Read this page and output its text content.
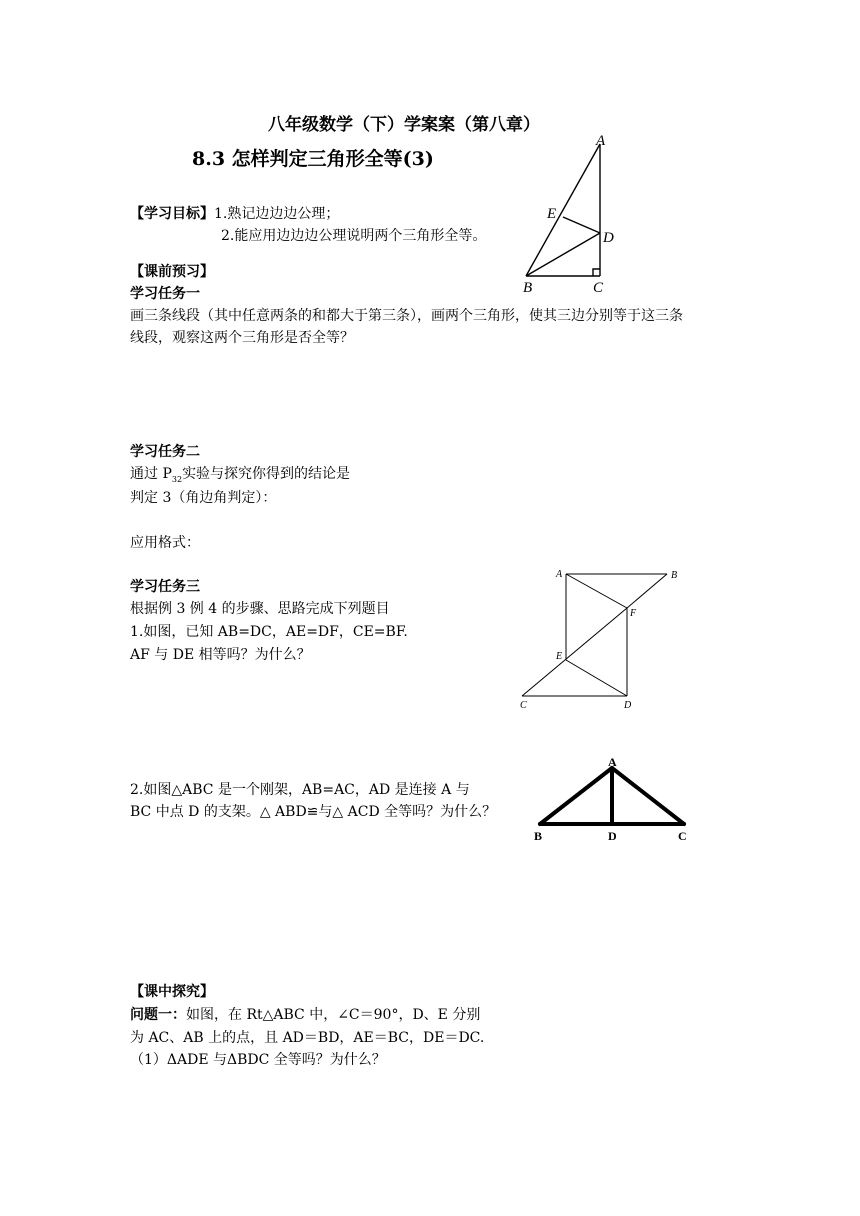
八年级数学（下）学案案（第八章）
8.3 怎样判定三角形全等(3)
A
E
D
B	C
【学习目标】1.熟记边边边公理；
2.能应用边边边公理说明两个三角形全等。
【课前预习】
学习任务一
画三条线段（其中任意两条的和都大于第三条），画两个三角形，使其三边分别等于这三条
线段，观察这两个三角形是否全等？
学习任务二
通过 $P_{32}$实验与探究你得到的结论是
判定 3（角边角判定）：
应用格式：
学习任务三
根据例 3 例 4 的步骤、思路完成下列题目
1.如图，已知 AB=DC，AE=DF，CE=BF.
AF 与 DE 相等吗？为什么？
A	B
F
E
C	D
2.如图△ABC 是一个刚架，AB=AC，AD 是连接 A 与
BC 中点 D 的支架。△ ABD≌与△ ACD 全等吗？为什么？
A
B	D	C
【课中探究】
问题一：如图，在 Rt△ABC 中，∠C＝90°，D、E 分别
为 AC、AB 上的点，且 AD＝BD，AE＝BC，DE＝DC.
（1）ΔADE 与ΔBDC 全等吗？为什么？
